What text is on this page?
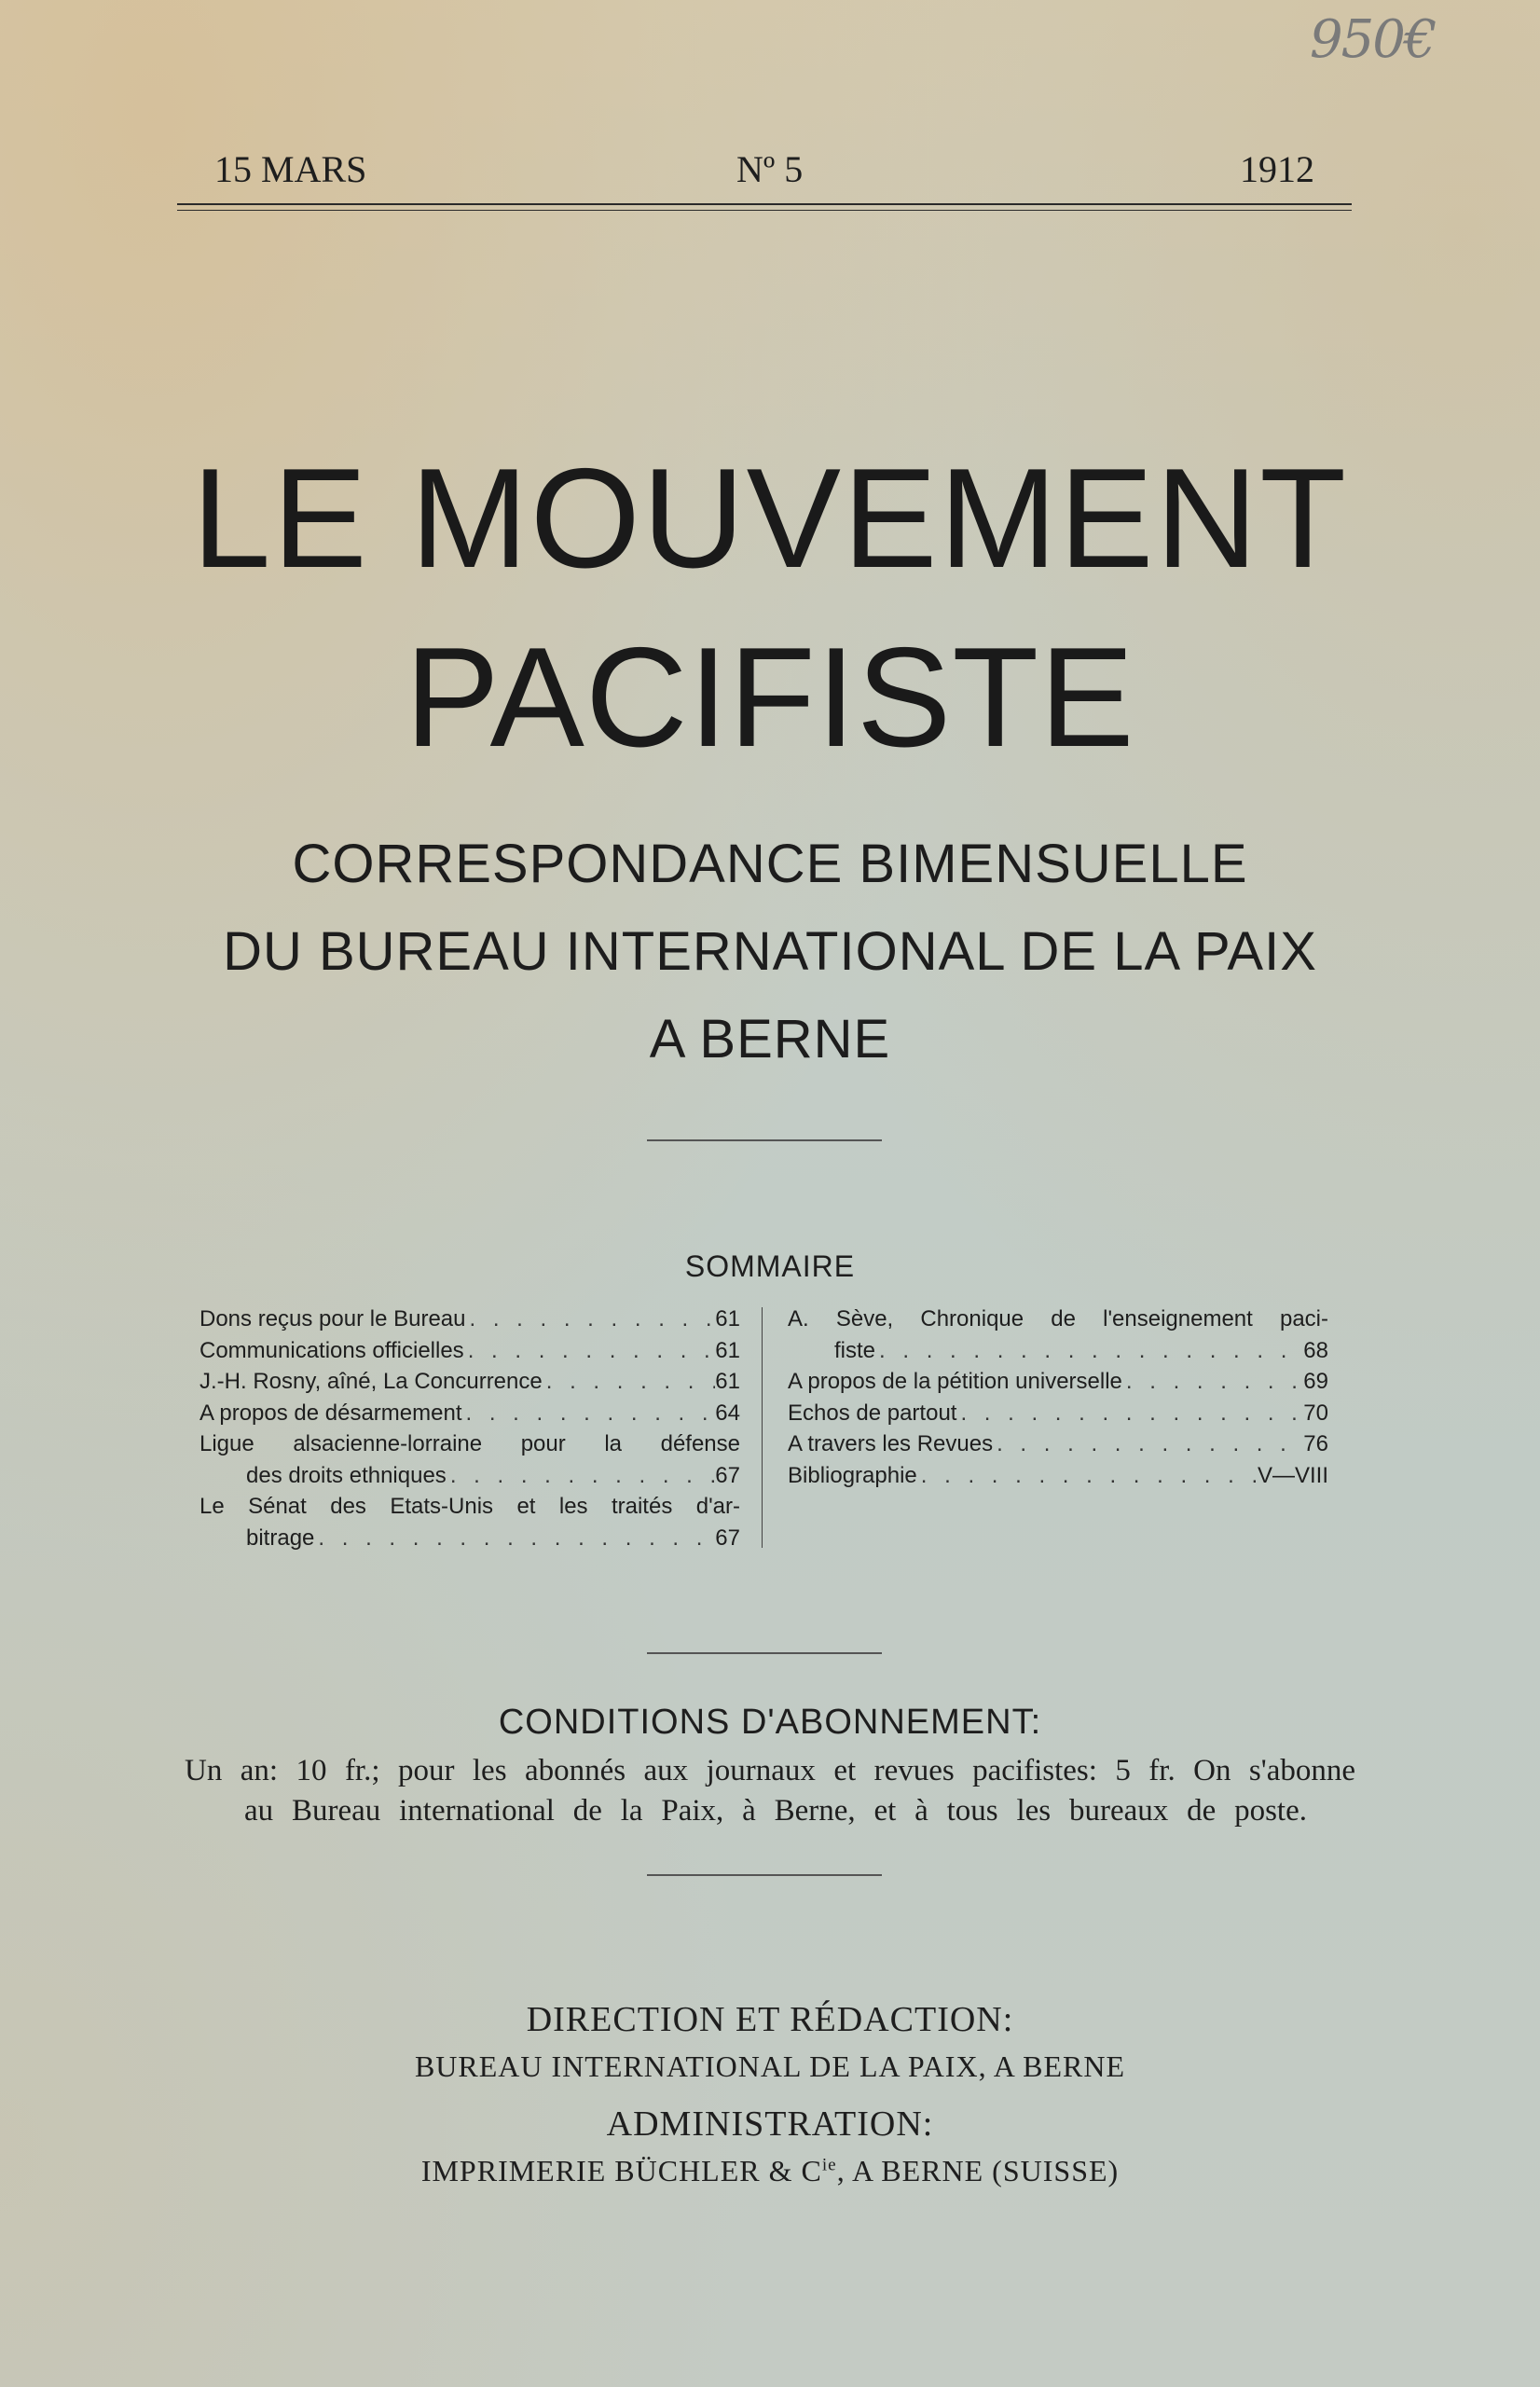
950€
15 MARS	Nº 5	1912
LE MOUVEMENT
PACIFISTE
CORRESPONDANCE BIMENSUELLE
DU BUREAU INTERNATIONAL DE LA PAIX
A BERNE
SOMMAIRE
Dons reçus pour le Bureau . . .	61
Communications officielles . . .	61
J.-H. Rosny, aîné, La Concurrence . . .	61
A propos de désarmement . . .	64
Ligue alsacienne-lorraine pour la défense
des droits ethniques . . .	67
Le Sénat des Etats-Unis et les traités d'ar-
bitrage . . .	67
A. Sève, Chronique de l'enseignement paci-
fiste . . .	68
A propos de la pétition universelle . . .	69
Echos de partout . . .	70
A travers les Revues . . .	76
Bibliographie . . .	V—VIII
CONDITIONS D'ABONNEMENT:
Un an: 10 fr.; pour les abonnés aux journaux et revues pacifistes: 5 fr. On s'abonne
au Bureau international de la Paix, à Berne, et à tous les bureaux de poste.
DIRECTION ET RÉDACTION:
BUREAU INTERNATIONAL DE LA PAIX, A BERNE
ADMINISTRATION:
IMPRIMERIE BÜCHLER & $C^{ie}$, A BERNE (SUISSE)
